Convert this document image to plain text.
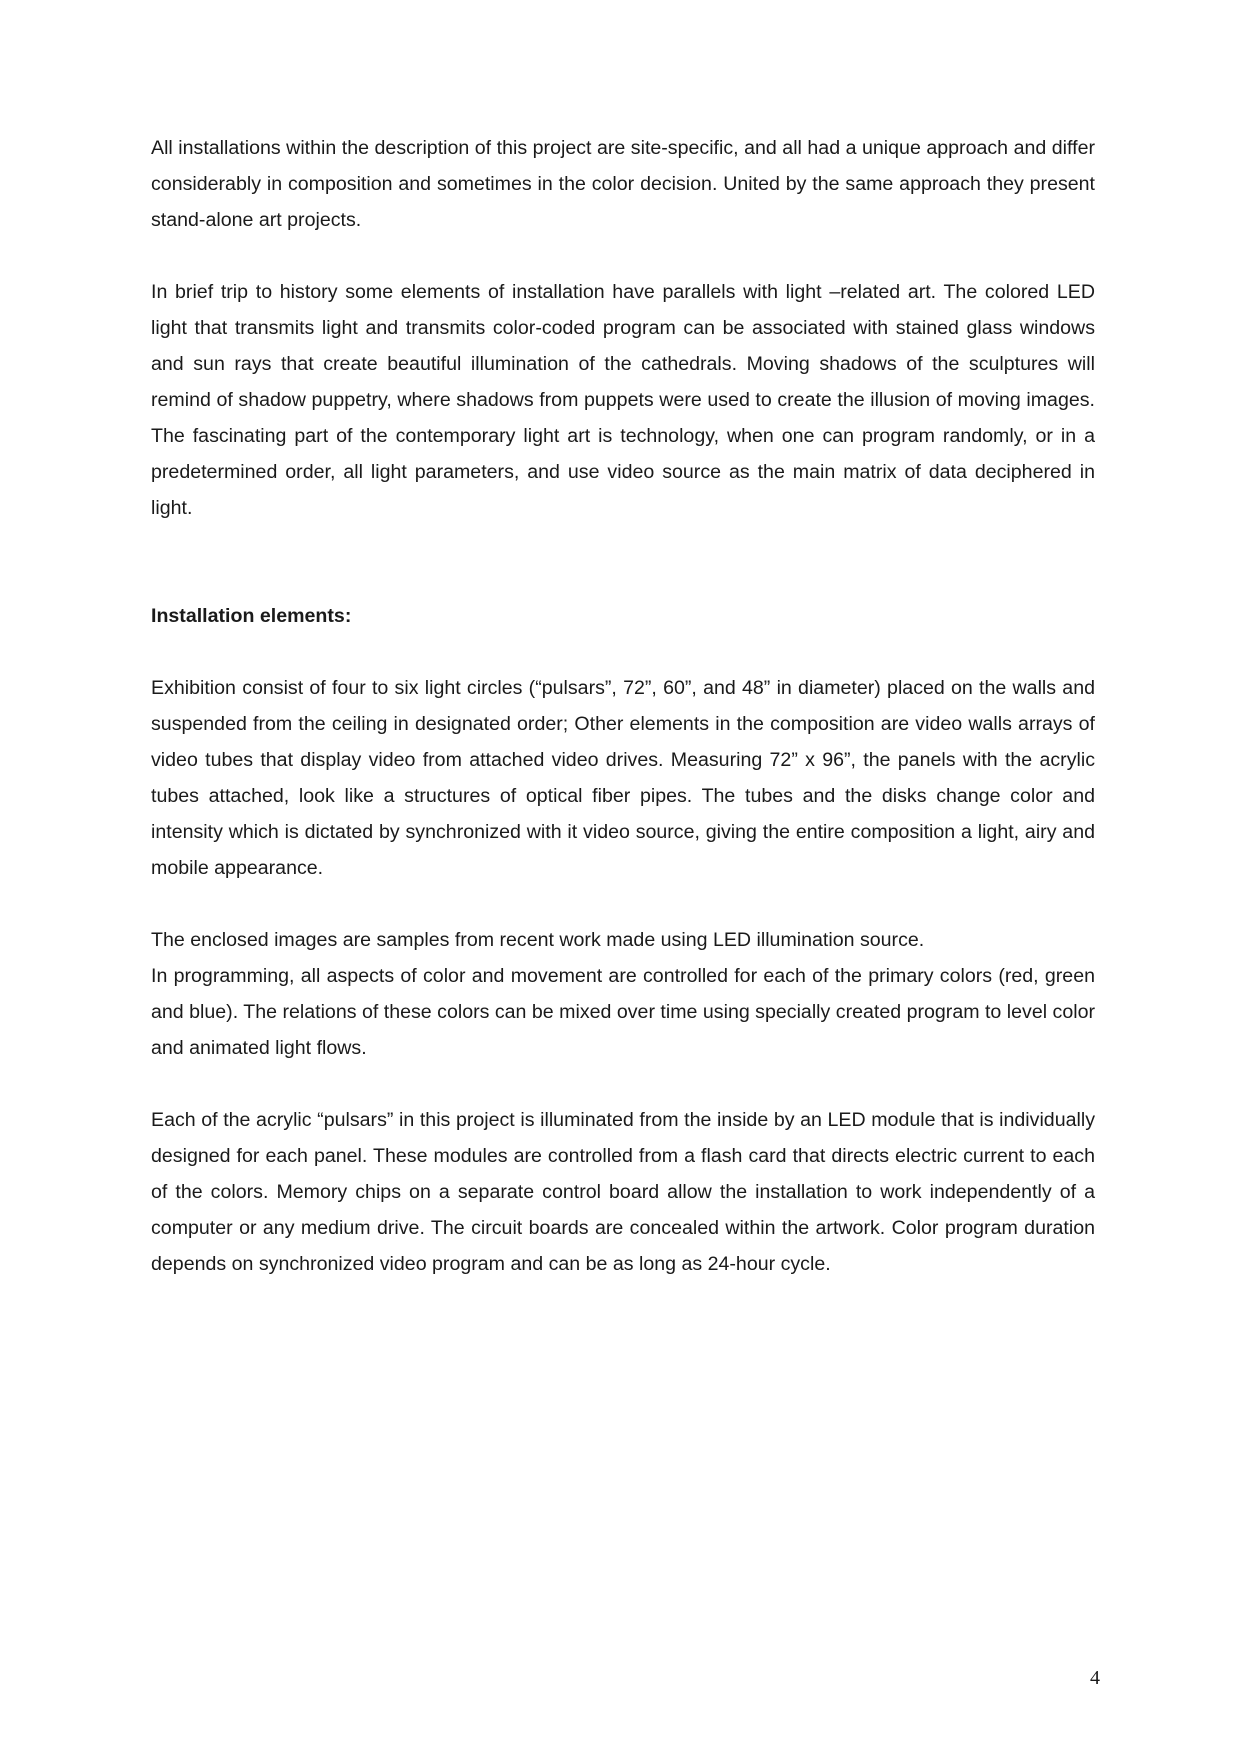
All installations within the description of this project are site-specific, and all had a unique approach and differ considerably in composition and sometimes in the color decision. United by the same approach they present stand-alone art projects.

In brief trip to history some elements of installation have parallels with light –related art. The colored LED light that transmits light and transmits color-coded program can be associated with stained glass windows and sun rays that create beautiful illumination of the cathedrals. Moving shadows of the sculptures will remind of shadow puppetry, where shadows from puppets were used to create the illusion of moving images. The fascinating part of the contemporary light art is technology, when one can program randomly, or in a predetermined order, all light parameters, and use video source as the main matrix of data deciphered in light.

Installation elements:

Exhibition consist of four to six light circles (“pulsars”, 72”, 60”, and 48” in diameter) placed on the walls and suspended from the ceiling in designated order; Other elements in the composition are video walls arrays of video tubes that display video from attached video drives. Measuring 72” x 96”, the panels with the acrylic tubes attached, look like a structures of optical fiber pipes. The tubes and the disks change color and intensity which is dictated by synchronized with it video source, giving the entire composition a light, airy and mobile appearance.

The enclosed images are samples from recent work made using LED illumination source.

In programming, all aspects of color and movement are controlled for each of the primary colors (red, green and blue). The relations of these colors can be mixed over time using specially created program to level color and animated light flows.

Each of the acrylic “pulsars” in this project is illuminated from the inside by an LED module that is individually designed for each panel. These modules are controlled from a flash card that directs electric current to each of the colors. Memory chips on a separate control board allow the installation to work independently of a computer or any medium drive. The circuit boards are concealed within the artwork. Color program duration depends on synchronized video program and can be as long as 24-hour cycle.

4
